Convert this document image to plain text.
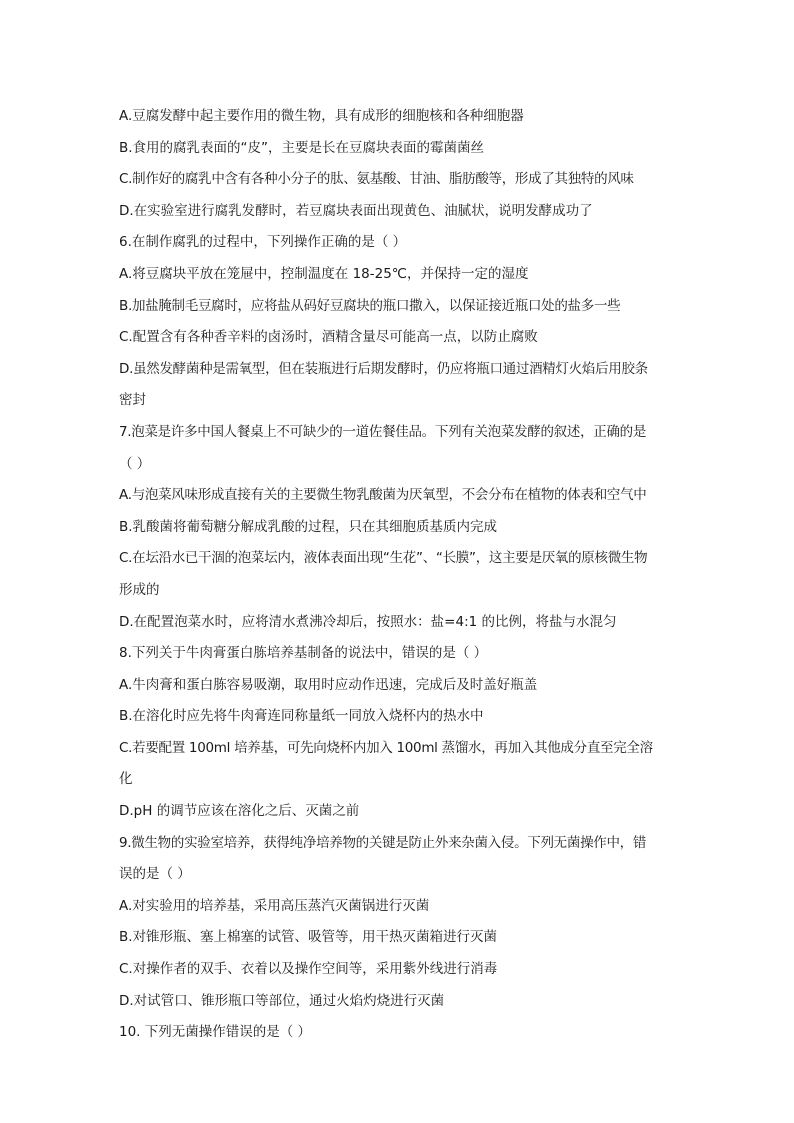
A.豆腐发酵中起主要作用的微生物，具有成形的细胞核和各种细胞器
B.食用的腐乳表面的“皮”，主要是长在豆腐块表面的霉菌菌丝
C.制作好的腐乳中含有各种小分子的肽、氨基酸、甘油、脂肪酸等，形成了其独特的风味
D.在实验室进行腐乳发酵时，若豆腐块表面出现黄色、油腻状，说明发酵成功了
6.在制作腐乳的过程中，下列操作正确的是（ ）
A.将豆腐块平放在笼屉中，控制温度在 18-25℃，并保持一定的湿度
B.加盐腌制毛豆腐时，应将盐从码好豆腐块的瓶口撒入，以保证接近瓶口处的盐多一些
C.配置含有各种香辛料的卤汤时，酒精含量尽可能高一点，以防止腐败
D.虽然发酵菌种是需氧型，但在装瓶进行后期发酵时，仍应将瓶口通过酒精灯火焰后用胶条
密封
7.泡菜是许多中国人餐桌上不可缺少的一道佐餐佳品。下列有关泡菜发酵的叙述，正确的是
（ ）
A.与泡菜风味形成直接有关的主要微生物乳酸菌为厌氧型，不会分布在植物的体表和空气中
B.乳酸菌将葡萄糖分解成乳酸的过程，只在其细胞质基质内完成
C.在坛沿水已干涸的泡菜坛内，液体表面出现“生花”、“长膜”，这主要是厌氧的原核微生物
形成的
D.在配置泡菜水时，应将清水煮沸冷却后，按照水：盐=4:1 的比例，将盐与水混匀
8.下列关于牛肉膏蛋白胨培养基制备的说法中，错误的是（ ）
A.牛肉膏和蛋白胨容易吸潮，取用时应动作迅速，完成后及时盖好瓶盖
B.在溶化时应先将牛肉膏连同称量纸一同放入烧杯内的热水中
C.若要配置 100ml 培养基，可先向烧杯内加入 100ml 蒸馏水，再加入其他成分直至完全溶
化
D.pH 的调节应该在溶化之后、灭菌之前
9.微生物的实验室培养，获得纯净培养物的关键是防止外来杂菌入侵。下列无菌操作中，错
误的是（ ）
A.对实验用的培养基，采用高压蒸汽灭菌锅进行灭菌
B.对锥形瓶、塞上棉塞的试管、吸管等，用干热灭菌箱进行灭菌
C.对操作者的双手、衣着以及操作空间等，采用紫外线进行消毒
D.对试管口、锥形瓶口等部位，通过火焰灼烧进行灭菌
10. 下列无菌操作错误的是（ ）
